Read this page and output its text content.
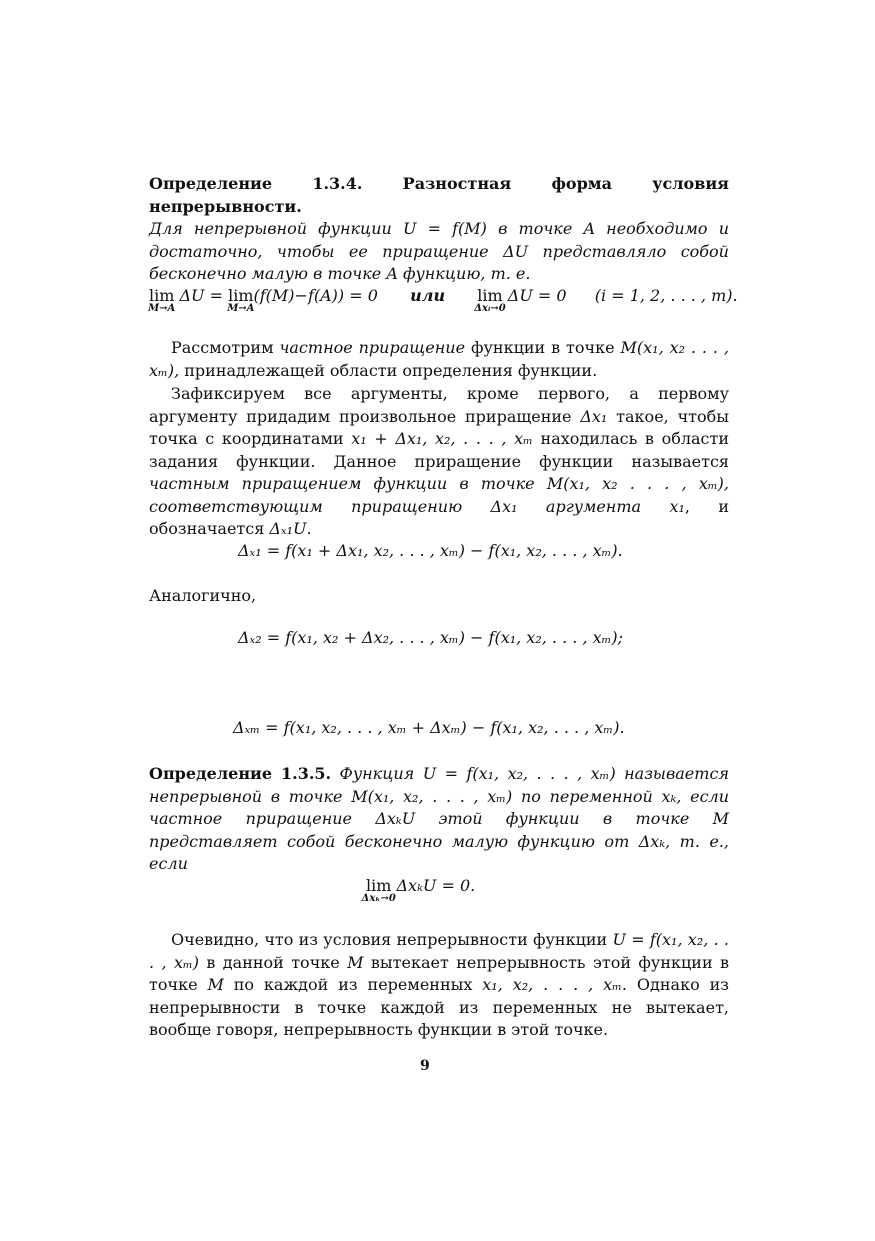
Определение 1.3.4. Разностная форма условия непрерывности.
Для непрерывной функции U = f(M) в точке A необходимо и достаточно, чтобы ее приращение ΔU представляло собой бесконечно малую в точке A функцию, т. е.
lim
M→A
ΔU = lim
M→A
(f(M)−f(A)) = 0 или lim
Δxᵢ→0
ΔU = 0 (i = 1, 2, . . . , m).
Рассмотрим частное приращение функции в точке M(x₁, x₂ . . . , xₘ), принадлежащей области определения функции.
Зафиксируем все аргументы, кроме первого, а первому аргументу придадим произвольное приращение Δx₁ такое, чтобы точка с координатами x₁ + Δx₁, x₂, . . . , xₘ находилась в области задания функции. Данное приращение функции называется частным приращением функции в точке M(x₁, x₂ . . . , xₘ), соответствующим приращению Δx₁ аргумента x₁, и обозначается Δₓ₁U.
Δₓ₁ = f(x₁ + Δx₁, x₂, . . . , xₘ) − f(x₁, x₂, . . . , xₘ).
Аналогично,
Δₓ₂ = f(x₁, x₂ + Δx₂, . . . , xₘ) − f(x₁, x₂, . . . , xₘ);
Δₓₘ = f(x₁, x₂, . . . , xₘ + Δxₘ) − f(x₁, x₂, . . . , xₘ).
Определение 1.3.5. Функция U = f(x₁, x₂, . . . , xₘ) называется непрерывной в точке M(x₁, x₂, . . . , xₘ) по переменной xₖ, если частное приращение ΔxₖU этой функции в точке M представляет собой бесконечно малую функцию от Δxₖ, т. е., если
lim
Δxₖ→0
ΔxₖU = 0.
Очевидно, что из условия непрерывности функции U = f(x₁, x₂, . . . , xₘ) в данной точке M вытекает непрерывность этой функции в точке M по каждой из переменных x₁, x₂, . . . , xₘ. Однако из непрерывности в точке каждой из переменных не вытекает, вообще говоря, непрерывность функции в этой точке.
9
